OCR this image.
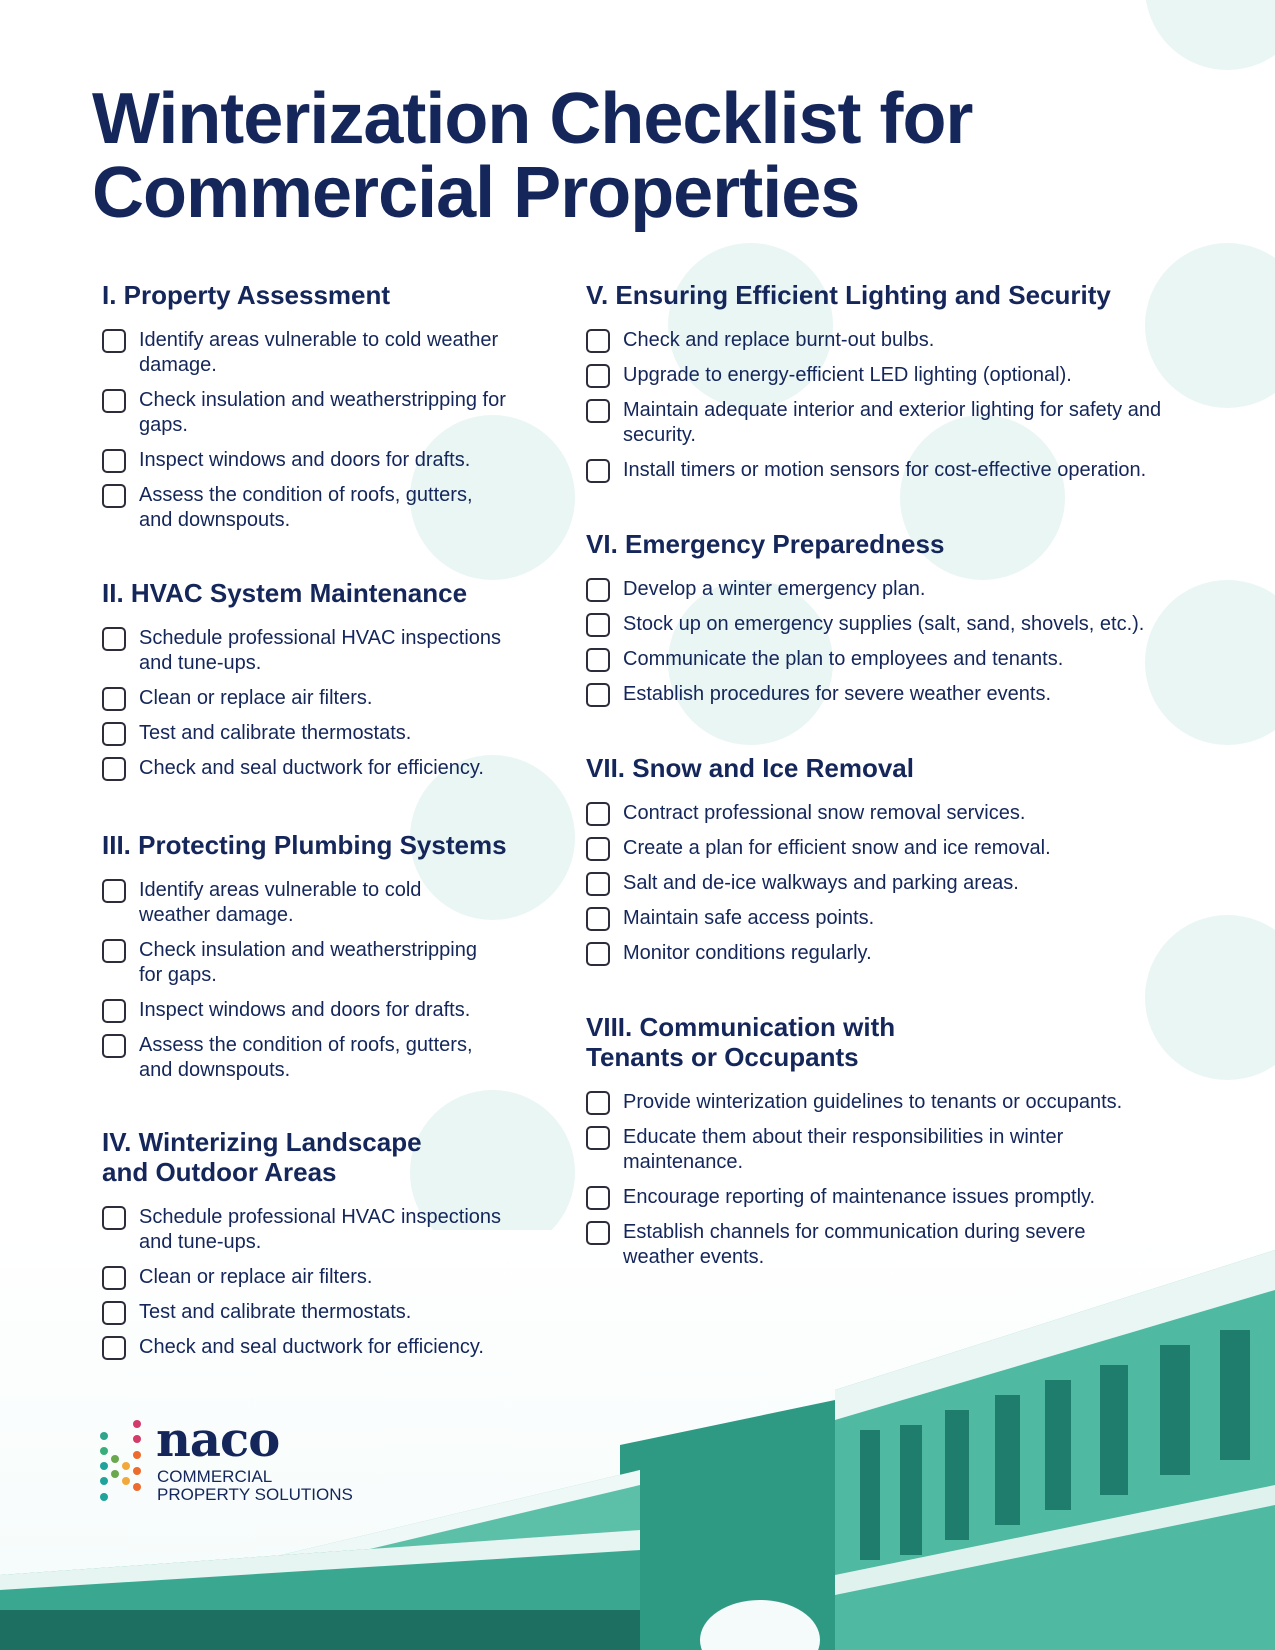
Winterization Checklist for Commercial Properties
I. Property Assessment
Identify areas vulnerable to cold weather damage.
Check insulation and weatherstripping for gaps.
Inspect windows and doors for drafts.
Assess the condition of roofs, gutters, and downspouts.
II. HVAC System Maintenance
Schedule professional HVAC inspections and tune-ups.
Clean or replace air filters.
Test and calibrate thermostats.
Check and seal ductwork for efficiency.
III. Protecting Plumbing Systems
Identify areas vulnerable to cold weather damage.
Check insulation and weatherstripping for gaps.
Inspect windows and doors for drafts.
Assess the condition of roofs, gutters, and downspouts.
IV. Winterizing Landscape
and Outdoor Areas
Schedule professional HVAC inspections and tune-ups.
Clean or replace air filters.
Test and calibrate thermostats.
Check and seal ductwork for efficiency.
V. Ensuring Efficient Lighting and Security
Check and replace burnt-out bulbs.
Upgrade to energy-efficient LED lighting (optional).
Maintain adequate interior and exterior lighting for safety and security.
Install timers or motion sensors for cost-effective operation.
VI. Emergency Preparedness
Develop a winter emergency plan.
Stock up on emergency supplies (salt, sand, shovels, etc.).
Communicate the plan to employees and tenants.
Establish procedures for severe weather events.
VII. Snow and Ice Removal
Contract professional snow removal services.
Create a plan for efficient snow and ice removal.
Salt and de-ice walkways and parking areas.
Maintain safe access points.
Monitor conditions regularly.
VIII. Communication with
Tenants or Occupants
Provide winterization guidelines to tenants or occupants.
Educate them about their responsibilities in winter maintenance.
Encourage reporting of maintenance issues promptly.
Establish channels for communication during severe weather events.
naco
COMMERCIAL
PROPERTY SOLUTIONS
